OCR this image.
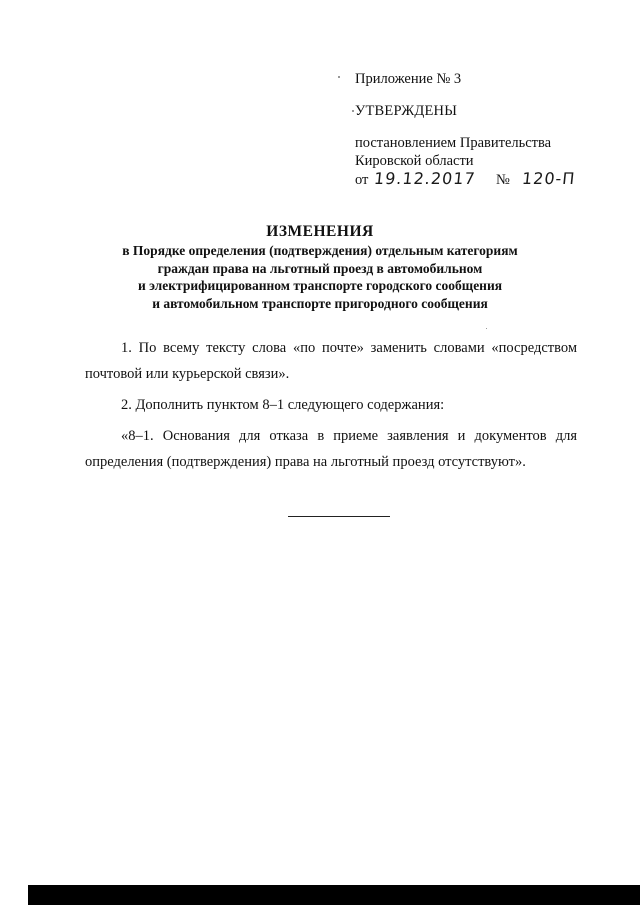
Приложение № 3
УТВЕРЖДЕНЫ
постановлением Правительства
Кировской области
от 19.12.2017 № 120-П
ИЗМЕНЕНИЯ
в Порядке определения (подтверждения) отдельным категориям
граждан права на льготный проезд в автомобильном
и электрифицированном транспорте городского сообщения
и автомобильном транспорте пригородного сообщения

1. По всему тексту слова «по почте» заменить словами «посредством почтовой или курьерской связи».

2. Дополнить пунктом 8–1 следующего содержания:

«8–1. Основания для отказа в приеме заявления и документов для определения (подтверждения) права на льготный проезд отсутствуют».
